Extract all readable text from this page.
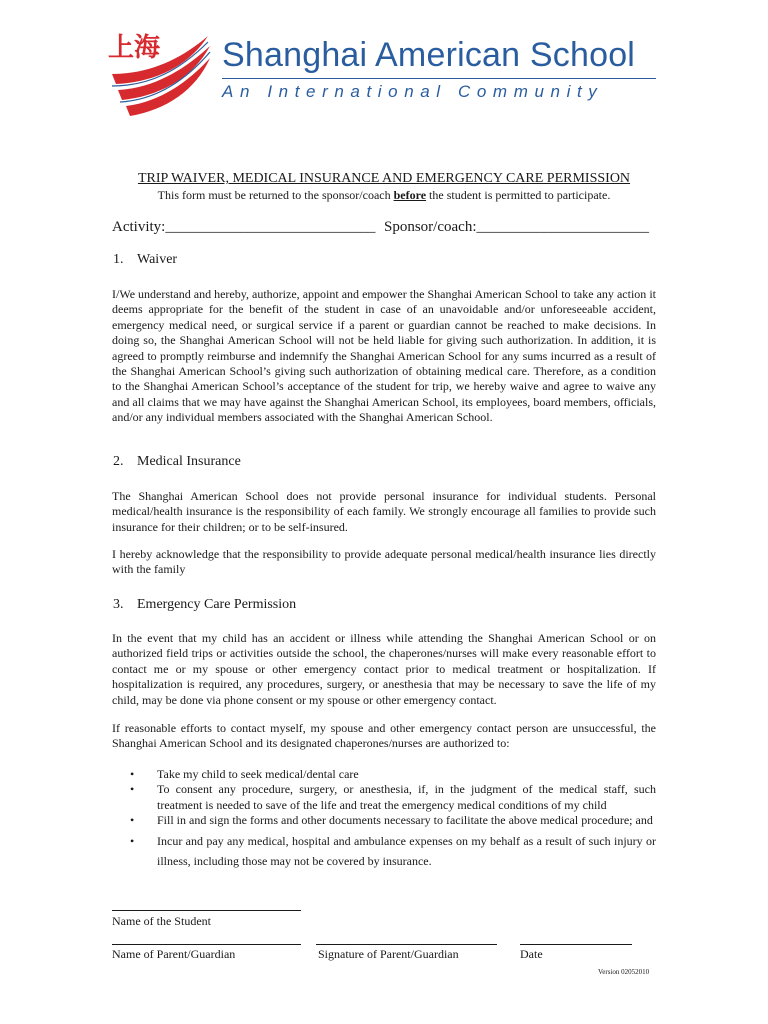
上海 Shanghai American School
An International Community
TRIP WAIVER, MEDICAL INSURANCE AND EMERGENCY CARE PERMISSION
This form must be returned to the sponsor/coach before the student is permitted to participate.
Activity:____________________________ Sponsor/coach:_______________________
1. Waiver

I/We understand and hereby, authorize, appoint and empower the Shanghai American School to take any action it deems appropriate for the benefit of the student in case of an unavoidable and/or unforeseeable accident, emergency medical need, or surgical service if a parent or guardian cannot be reached to make decisions. In doing so, the Shanghai American School will not be held liable for giving such authorization. In addition, it is agreed to promptly reimburse and indemnify the Shanghai American School for any sums incurred as a result of the Shanghai American School’s giving such authorization of obtaining medical care. Therefore, as a condition to the Shanghai American School’s acceptance of the student for trip, we hereby waive and agree to waive any and all claims that we may have against the Shanghai American School, its employees, board members, officials, and/or any individual members associated with the Shanghai American School.

2. Medical Insurance

The Shanghai American School does not provide personal insurance for individual students. Personal medical/health insurance is the responsibility of each family. We strongly encourage all families to provide such insurance for their children; or to be self-insured.

I hereby acknowledge that the responsibility to provide adequate personal medical/health insurance lies directly with the family

3. Emergency Care Permission

In the event that my child has an accident or illness while attending the Shanghai American School or on authorized field trips or activities outside the school, the chaperones/nurses will make every reasonable effort to contact me or my spouse or other emergency contact prior to medical treatment or hospitalization. If hospitalization is required, any procedures, surgery, or anesthesia that may be necessary to save the life of my child, may be done via phone consent or my spouse or other emergency contact.

If reasonable efforts to contact myself, my spouse and other emergency contact person are unsuccessful, the Shanghai American School and its designated chaperones/nurses are authorized to:

• Take my child to seek medical/dental care
• To consent any procedure, surgery, or anesthesia, if, in the judgment of the medical staff, such treatment is needed to save of the life and treat the emergency medical conditions of my child
• Fill in and sign the forms and other documents necessary to facilitate the above medical procedure; and
• Incur and pay any medical, hospital and ambulance expenses on my behalf as a result of such injury or illness, including those may not be covered by insurance.
Name of the Student
Name of Parent/Guardian	Signature of Parent/Guardian	Date
Version 02052010
